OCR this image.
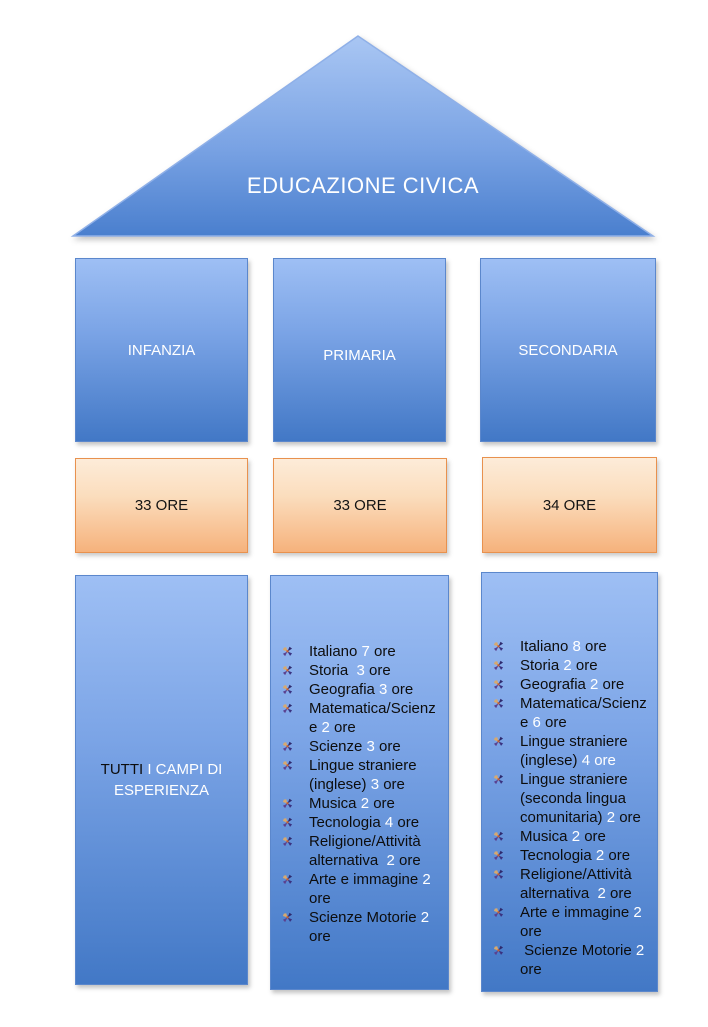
EDUCAZIONE CIVICA
INFANZIA	PRIMARIA	SECONDARIA
33 ORE	33 ORE	34 ORE
TUTTI I CAMPI DI ESPERIENZA
Italiano 7 ore
Storia  3 ore
Geografia 3 ore
Matematica/Scienze 2 ore
Scienze 3 ore
Lingue straniere (inglese) 3 ore
Musica 2 ore
Tecnologia 4 ore
Religione/Attività alternativa  2 ore
Arte e immagine 2 ore
Scienze Motorie 2 ore
Italiano 8 ore
Storia 2 ore
Geografia 2 ore
Matematica/Scienze 6 ore
Lingue straniere (inglese) 4 ore
Lingue straniere (seconda lingua comunitaria) 2 ore
Musica 2 ore
Tecnologia 2 ore
Religione/Attività alternativa  2 ore
Arte e immagine 2 ore
Scienze Motorie 2 ore
